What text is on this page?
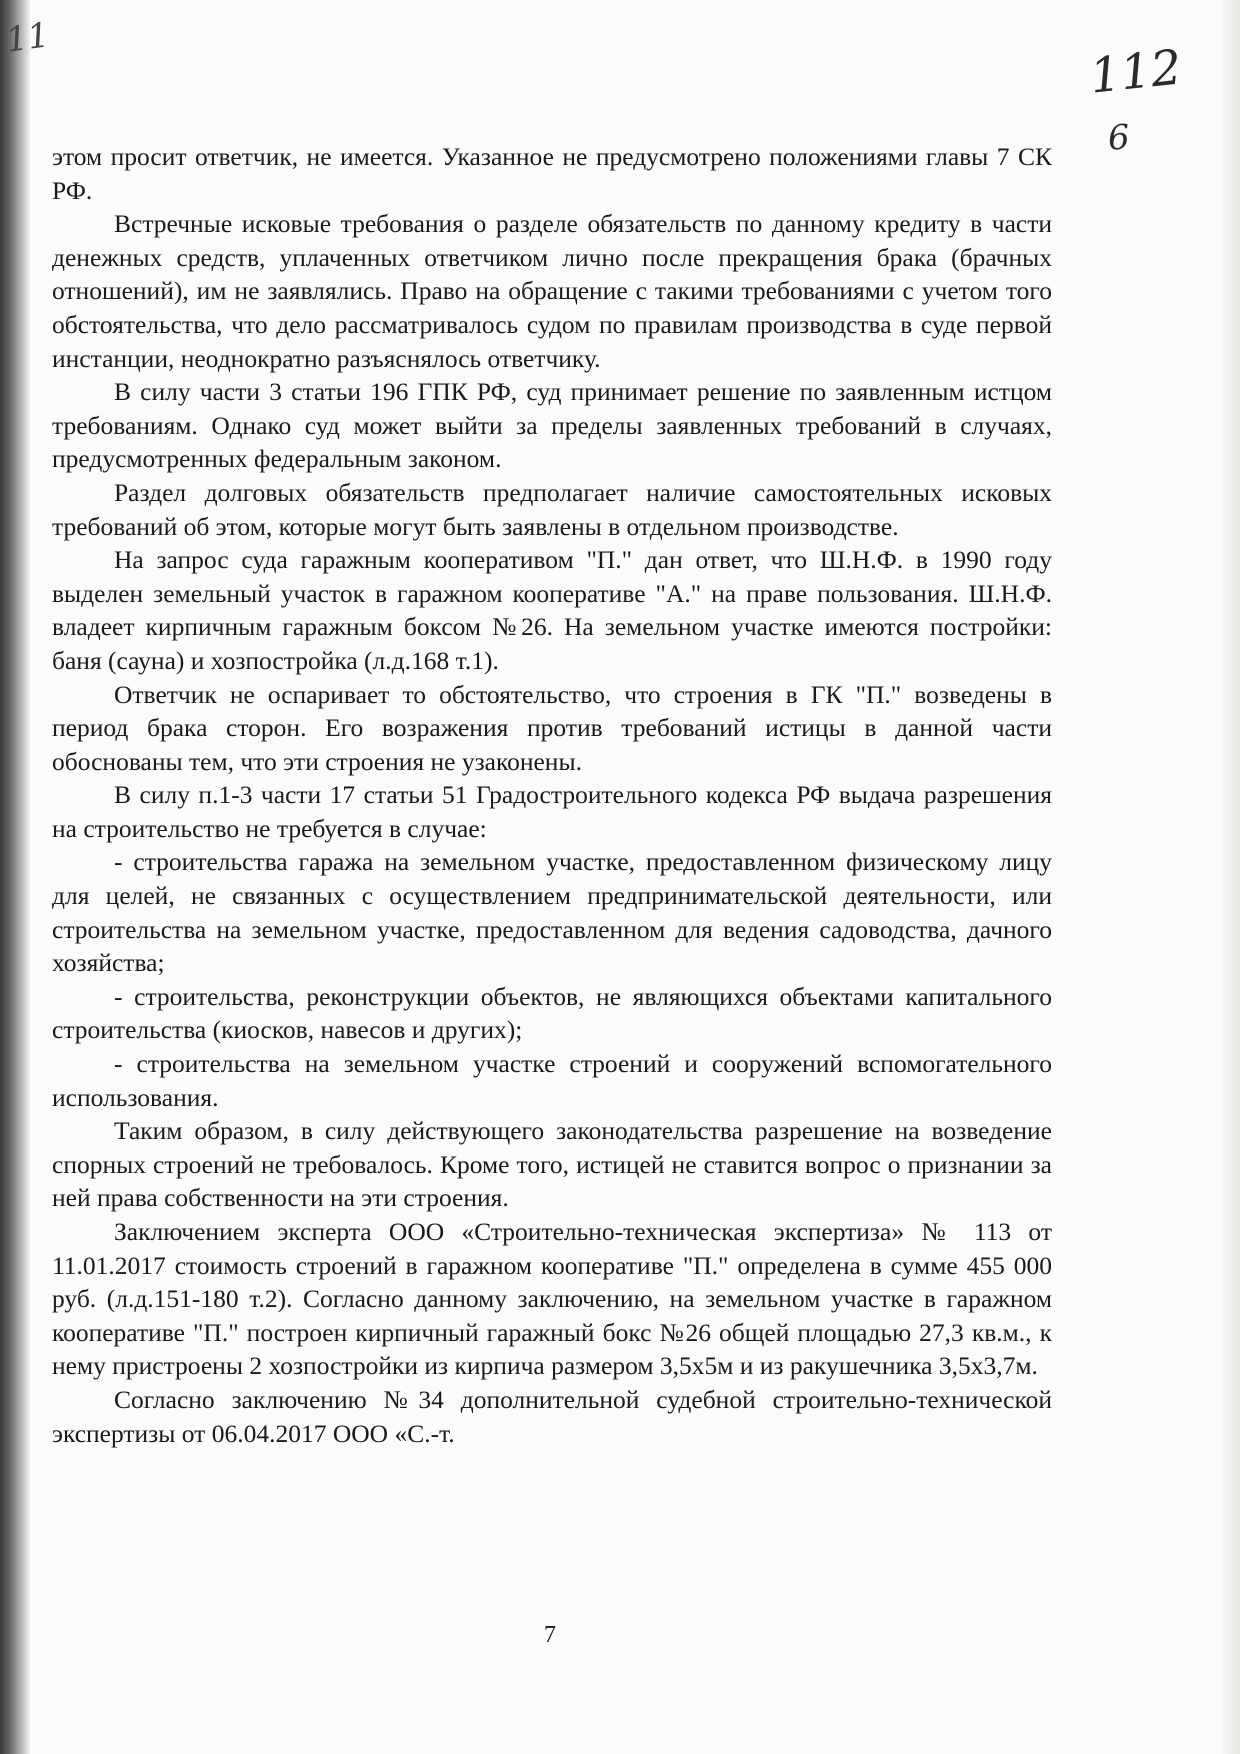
11
112
6

этом просит ответчик, не имеется. Указанное не предусмотрено положениями главы 7 СК РФ.

Встречные исковые требования о разделе обязательств по данному кредиту в части денежных средств, уплаченных ответчиком лично после прекращения брака (брачных отношений), им не заявлялись. Право на обращение с такими требованиями с учетом того обстоятельства, что дело рассматривалось судом по правилам производства в суде первой инстанции, неоднократно разъяснялось ответчику.

В силу части 3 статьи 196 ГПК РФ, суд принимает решение по заявленным истцом требованиям. Однако суд может выйти за пределы заявленных требований в случаях, предусмотренных федеральным законом.

Раздел долговых обязательств предполагает наличие самостоятельных исковых требований об этом, которые могут быть заявлены в отдельном производстве.

На запрос суда гаражным кооперативом "П." дан ответ, что Ш.Н.Ф. в 1990 году выделен земельный участок в гаражном кооперативе "А." на праве пользования. Ш.Н.Ф. владеет кирпичным гаражным боксом №26. На земельном участке имеются постройки: баня (сауна) и хозпостройка (л.д.168 т.1).

Ответчик не оспаривает то обстоятельство, что строения в ГК "П." возведены в период брака сторон. Его возражения против требований истицы в данной части обоснованы тем, что эти строения не узаконены.

В силу п.1-3 части 17 статьи 51 Градостроительного кодекса РФ выдача разрешения на строительство не требуется в случае:

- строительства гаража на земельном участке, предоставленном физическому лицу для целей, не связанных с осуществлением предпринимательской деятельности, или строительства на земельном участке, предоставленном для ведения садоводства, дачного хозяйства;

- строительства, реконструкции объектов, не являющихся объектами капитального строительства (киосков, навесов и других);

- строительства на земельном участке строений и сооружений вспомогательного использования.

Таким образом, в силу действующего законодательства разрешение на возведение спорных строений не требовалось. Кроме того, истицей не ставится вопрос о признании за ней права собственности на эти строения.

Заключением эксперта ООО «Строительно-техническая экспертиза» № 113 от 11.01.2017 стоимость строений в гаражном кооперативе "П." определена в сумме 455 000 руб. (л.д.151-180 т.2). Согласно данному заключению, на земельном участке в гаражном кооперативе "П." построен кирпичный гаражный бокс №26 общей площадью 27,3 кв.м., к нему пристроены 2 хозпостройки из кирпича размером 3,5х5м и из ракушечника 3,5х3,7м.

Согласно заключению №34 дополнительной судебной строительно-технической экспертизы от 06.04.2017 ООО «С.-т.

7
